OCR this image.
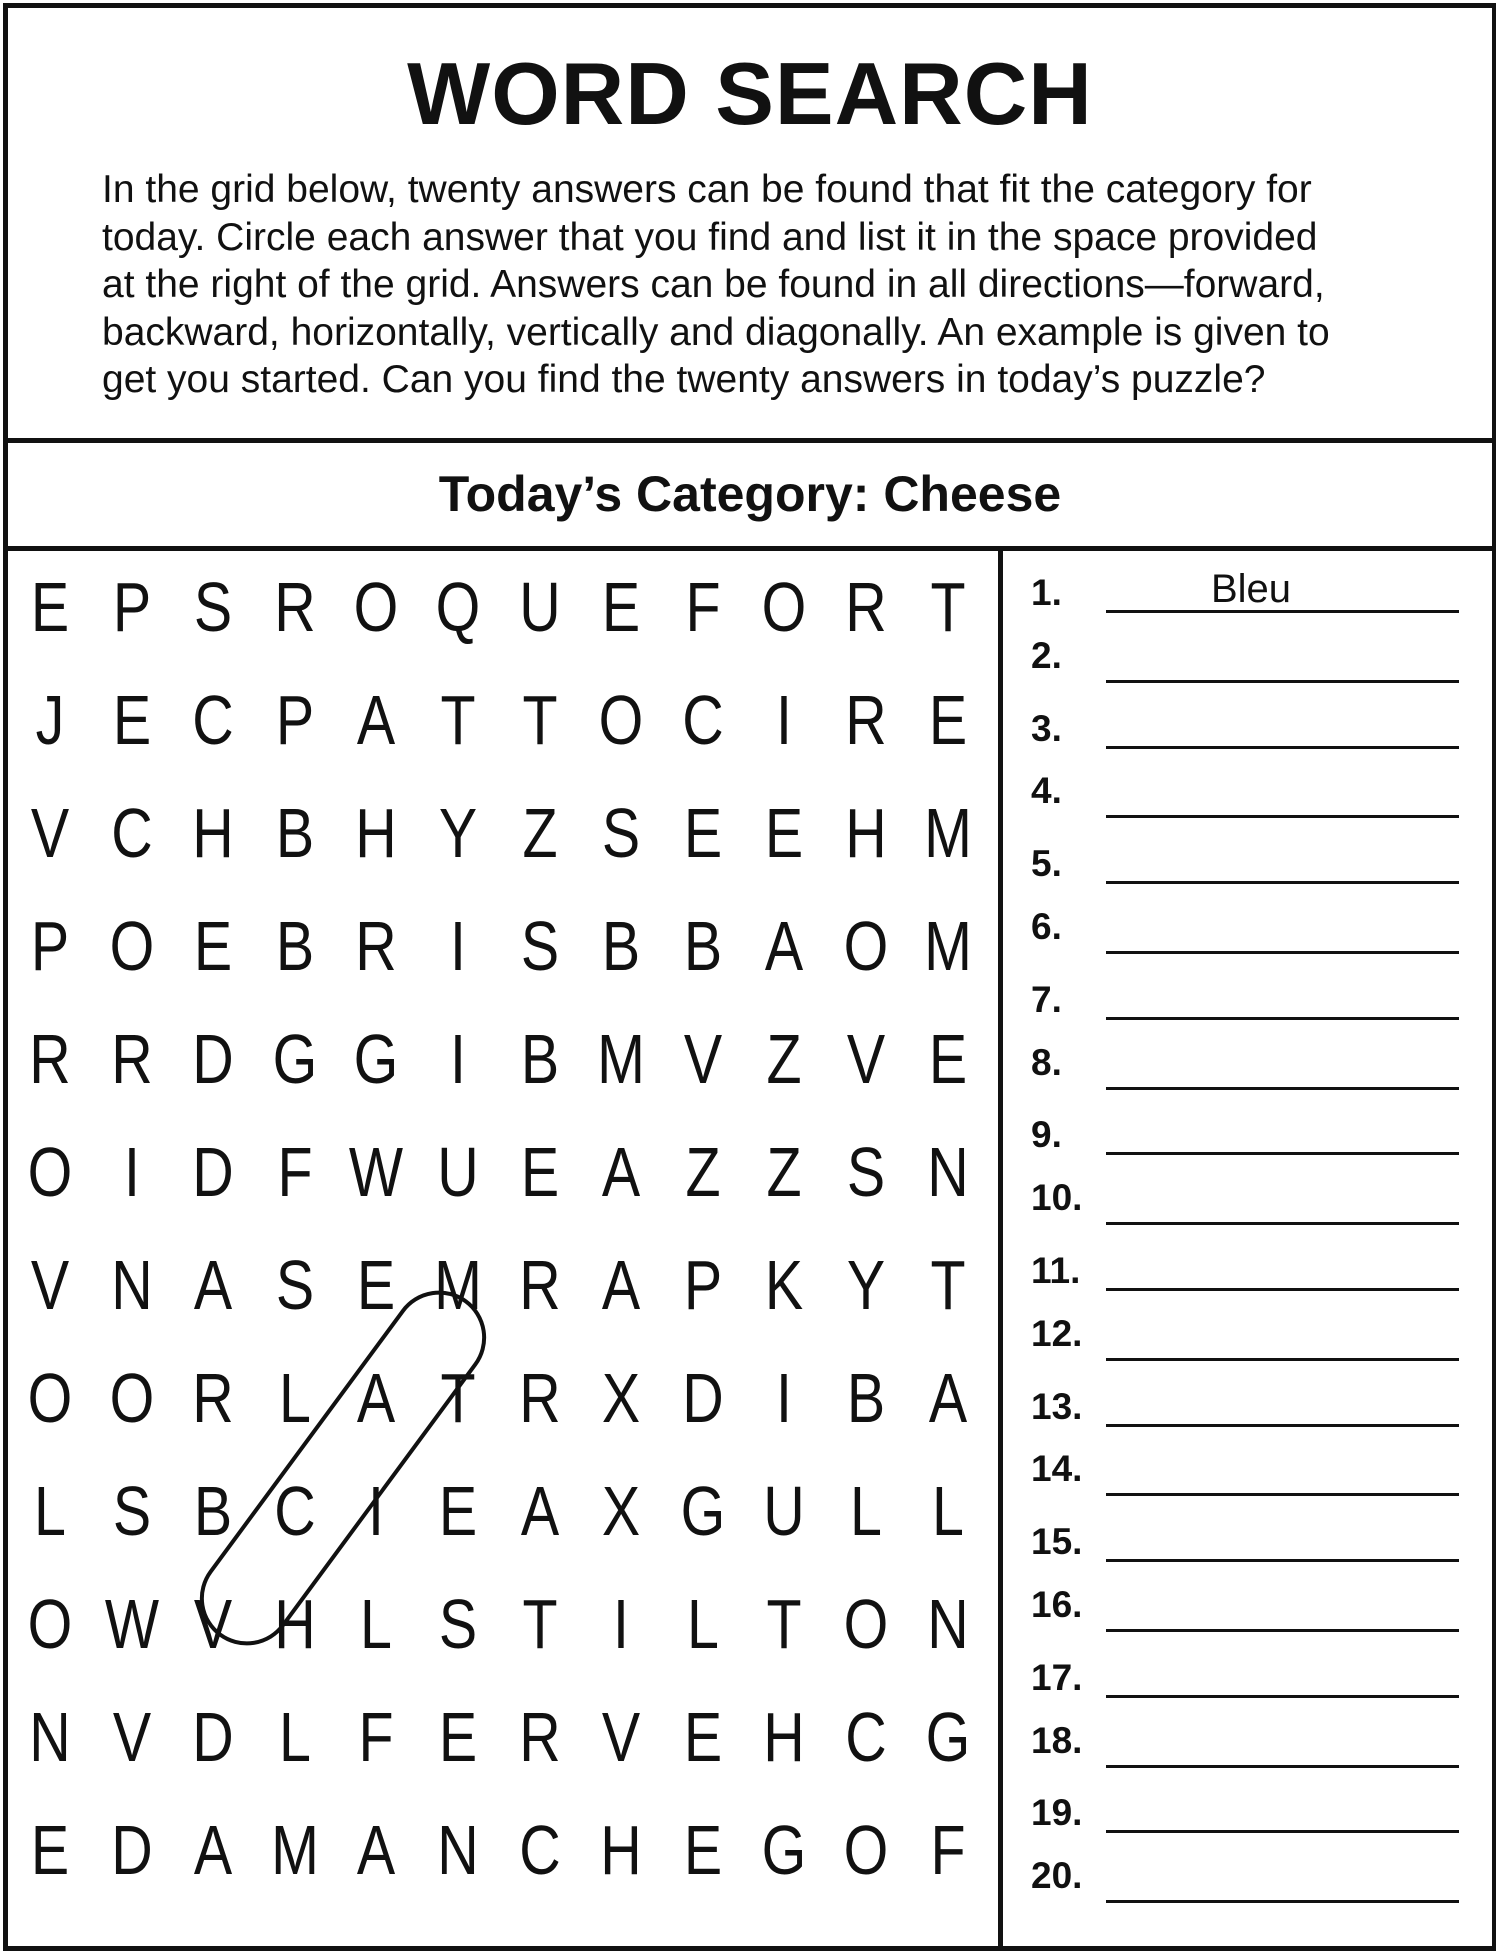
WORD SEARCH
In the grid below, twenty answers can be found that fit the category for
today. Circle each answer that you find and list it in the space provided
at the right of the grid. Answers can be found in all directions—forward,
backward, horizontally, vertically and diagonally. An example is given to
get you started. Can you find the twenty answers in today’s puzzle?
Today’s Category: Cheese
E P S R O Q U E F O R T
J E C P A T T O C I R E
V C H B H Y Z S E E H M
P O E B R I S B B A O M
R R D G G I B M V Z V E
O I D F W U E A Z Z S N
V N A S E M R A P K Y T
O O R L A T R X D I B A
L S B C I E A X G U L L
O W V H L S T I L T O N
N V D L F E R V E H C G
E D A M A N C H E G O F
1.	Bleu
2.
3.
4.
5.
6.
7.
8.
9.
10.
11.
12.
13.
14.
15.
16.
17.
18.
19.
20.
